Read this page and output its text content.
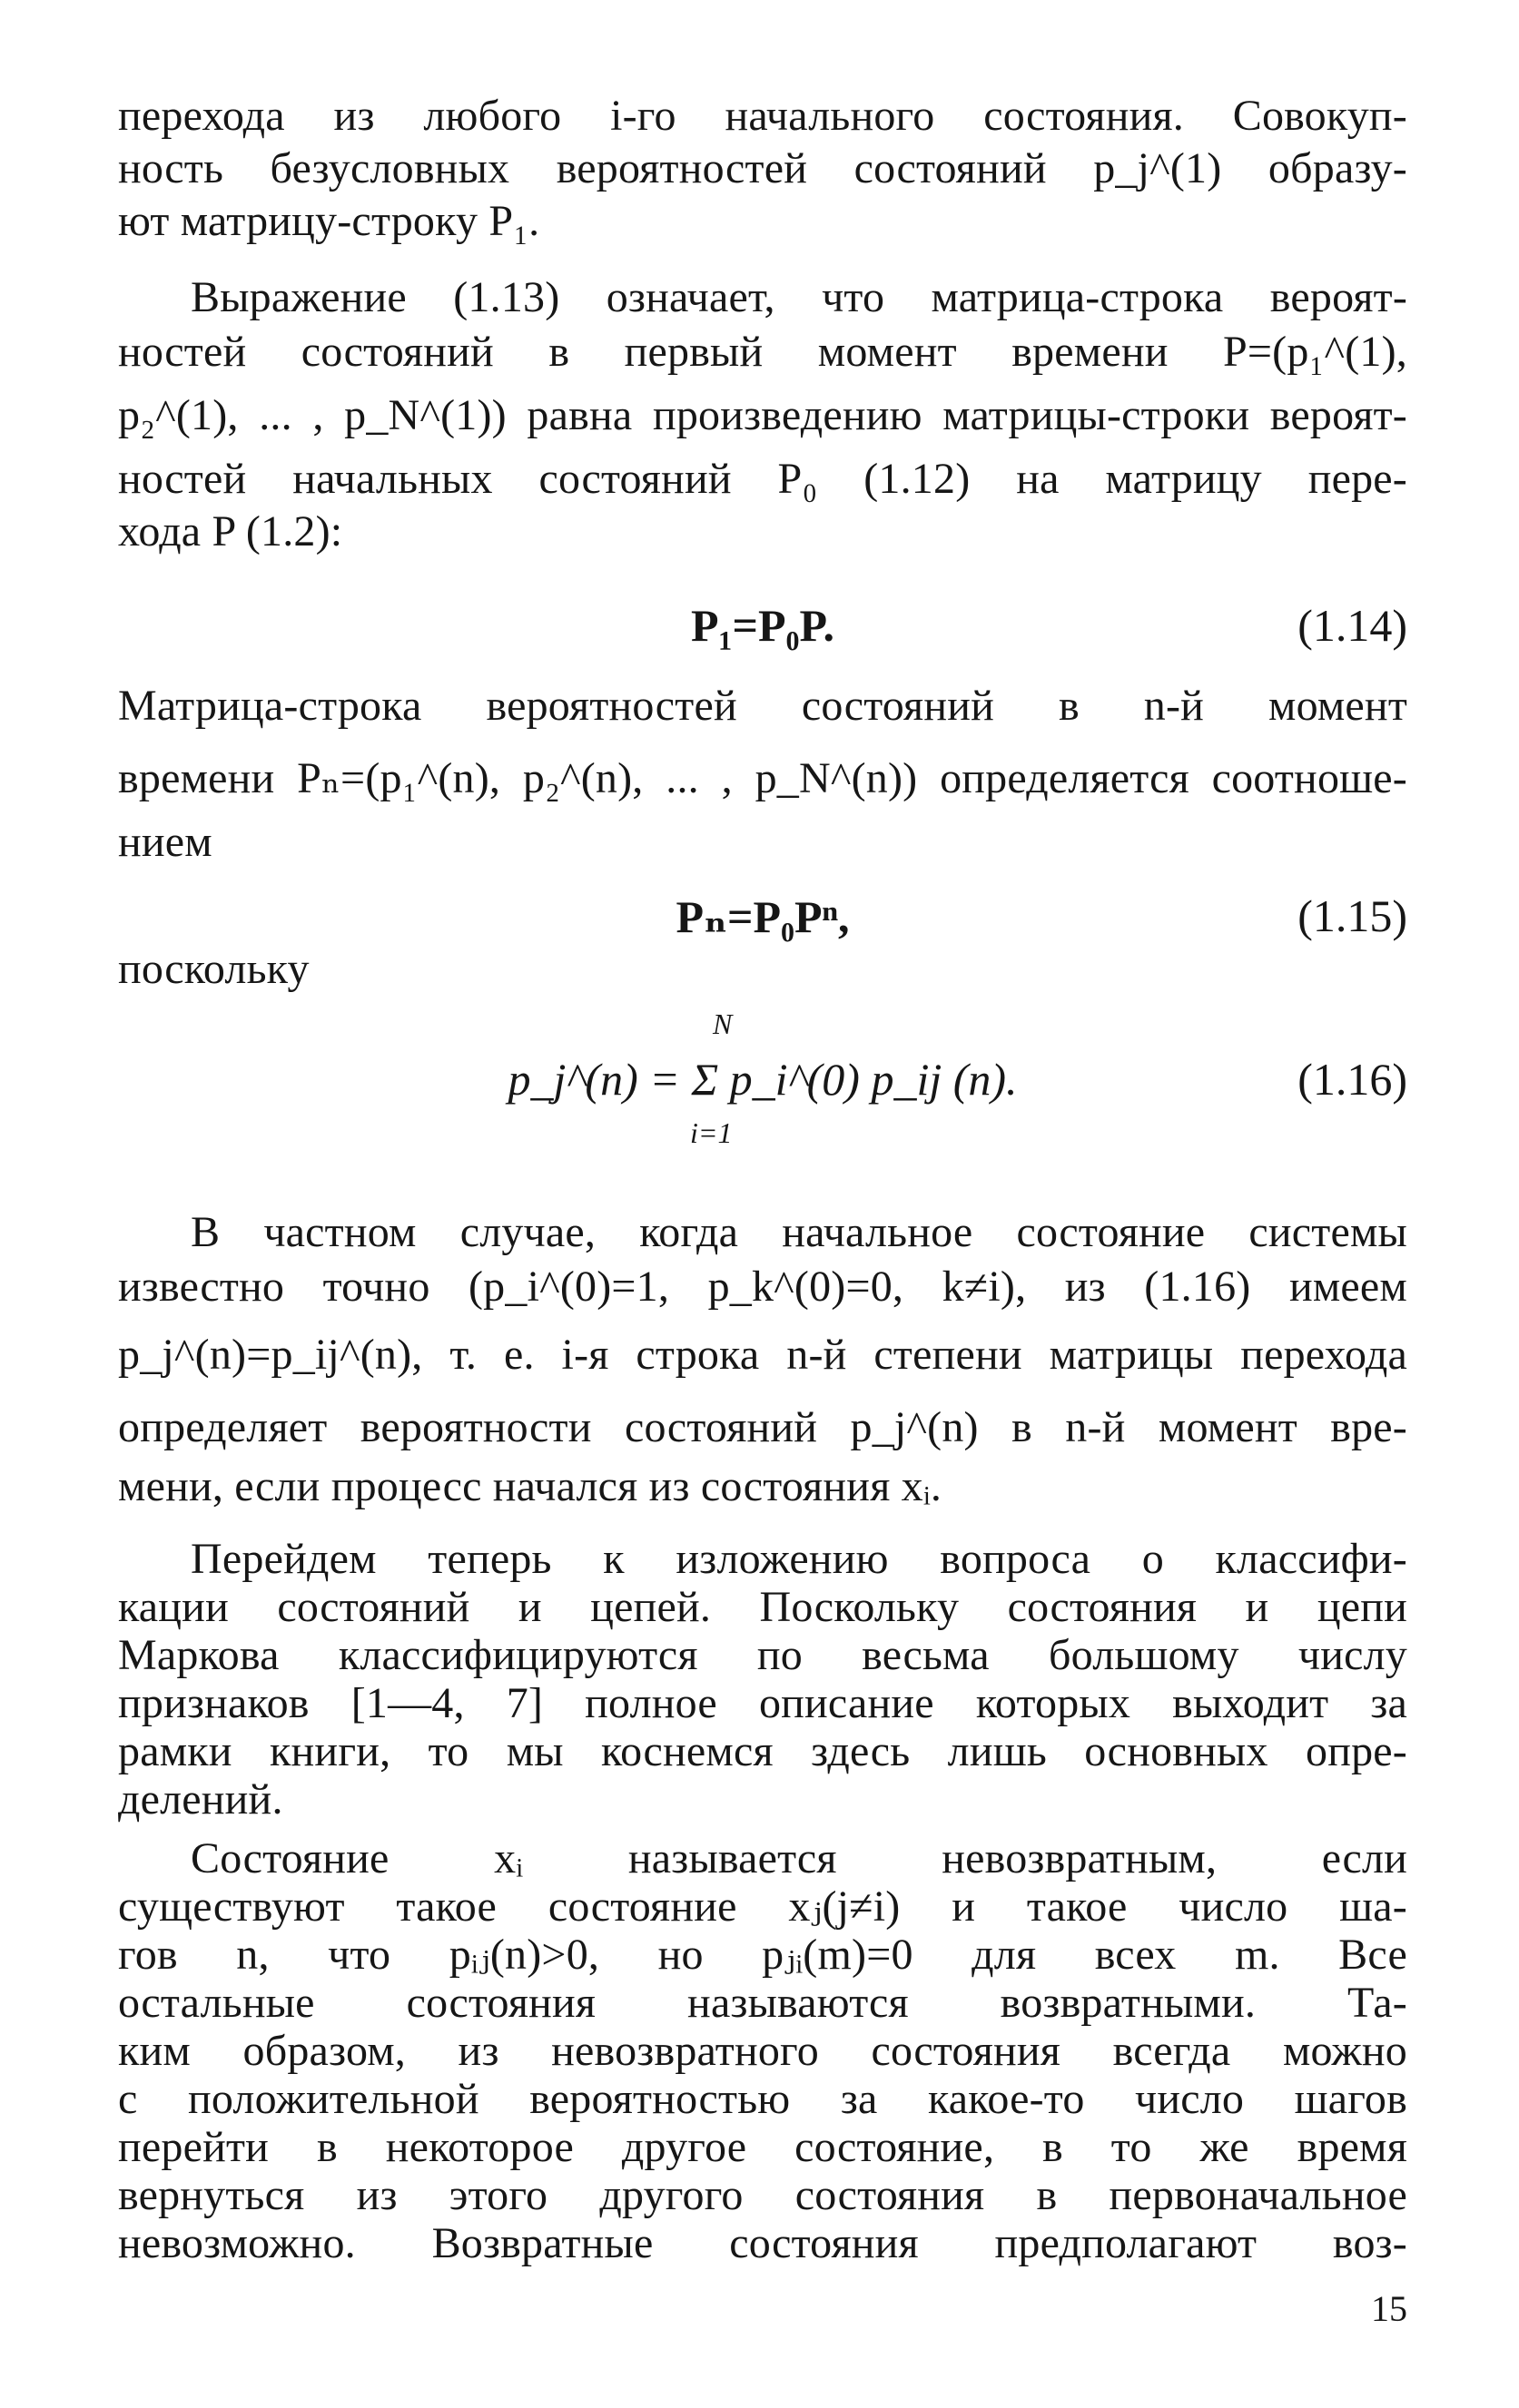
перехода из любого i-го начального состояния. Совокуп-
ность безусловных вероятностей состояний p_j^(1) образу-
ют матрицу-строку P₁.
Выражение (1.13) означает, что матрица-строка вероят-
ностей состояний в первый момент времени P=(p₁^(1),
p₂^(1), ... , p_N^(1)) равна произведению матрицы-строки вероят-
ностей начальных состояний P₀ (1.12) на матрицу пере-
хода P (1.2):
P₁=P₀P.	(1.14)
Матрица-строка вероятностей состояний в n-й момент
времени Pₙ=(p₁^(n), p₂^(n), ... , p_N^(n)) определяется соотноше-
нием
Pₙ=P₀Pⁿ,	(1.15)
поскольку
N
p_j^(n) = Σ p_i^(0) p_ij (n).
i=1
(1.16)
В частном случае, когда начальное состояние системы
известно точно (p_i^(0)=1, p_k^(0)=0, k≠i), из (1.16) имеем
p_j^(n)=p_ij^(n), т. е. i-я строка n-й степени матрицы перехода
определяет вероятности состояний p_j^(n) в n-й момент вре-
мени, если процесс начался из состояния xᵢ.
Перейдем теперь к изложению вопроса о классифи-
кации состояний и цепей. Поскольку состояния и цепи
Маркова классифицируются по весьма большому числу
признаков [1—4, 7] полное описание которых выходит за
рамки книги, то мы коснемся здесь лишь основных опре-
делений.
Состояние xᵢ называется невозвратным, если
существуют такое состояние xⱼ(j≠i) и такое число ша-
гов n, что pᵢⱼ(n)>0, но pⱼᵢ(m)=0 для всех m. Все
остальные состояния называются возвратными. Та-
ким образом, из невозвратного состояния всегда можно
с положительной вероятностью за какое-то число шагов
перейти в некоторое другое состояние, в то же время
вернуться из этого другого состояния в первоначальное
невозможно. Возвратные состояния предполагают воз-
15
